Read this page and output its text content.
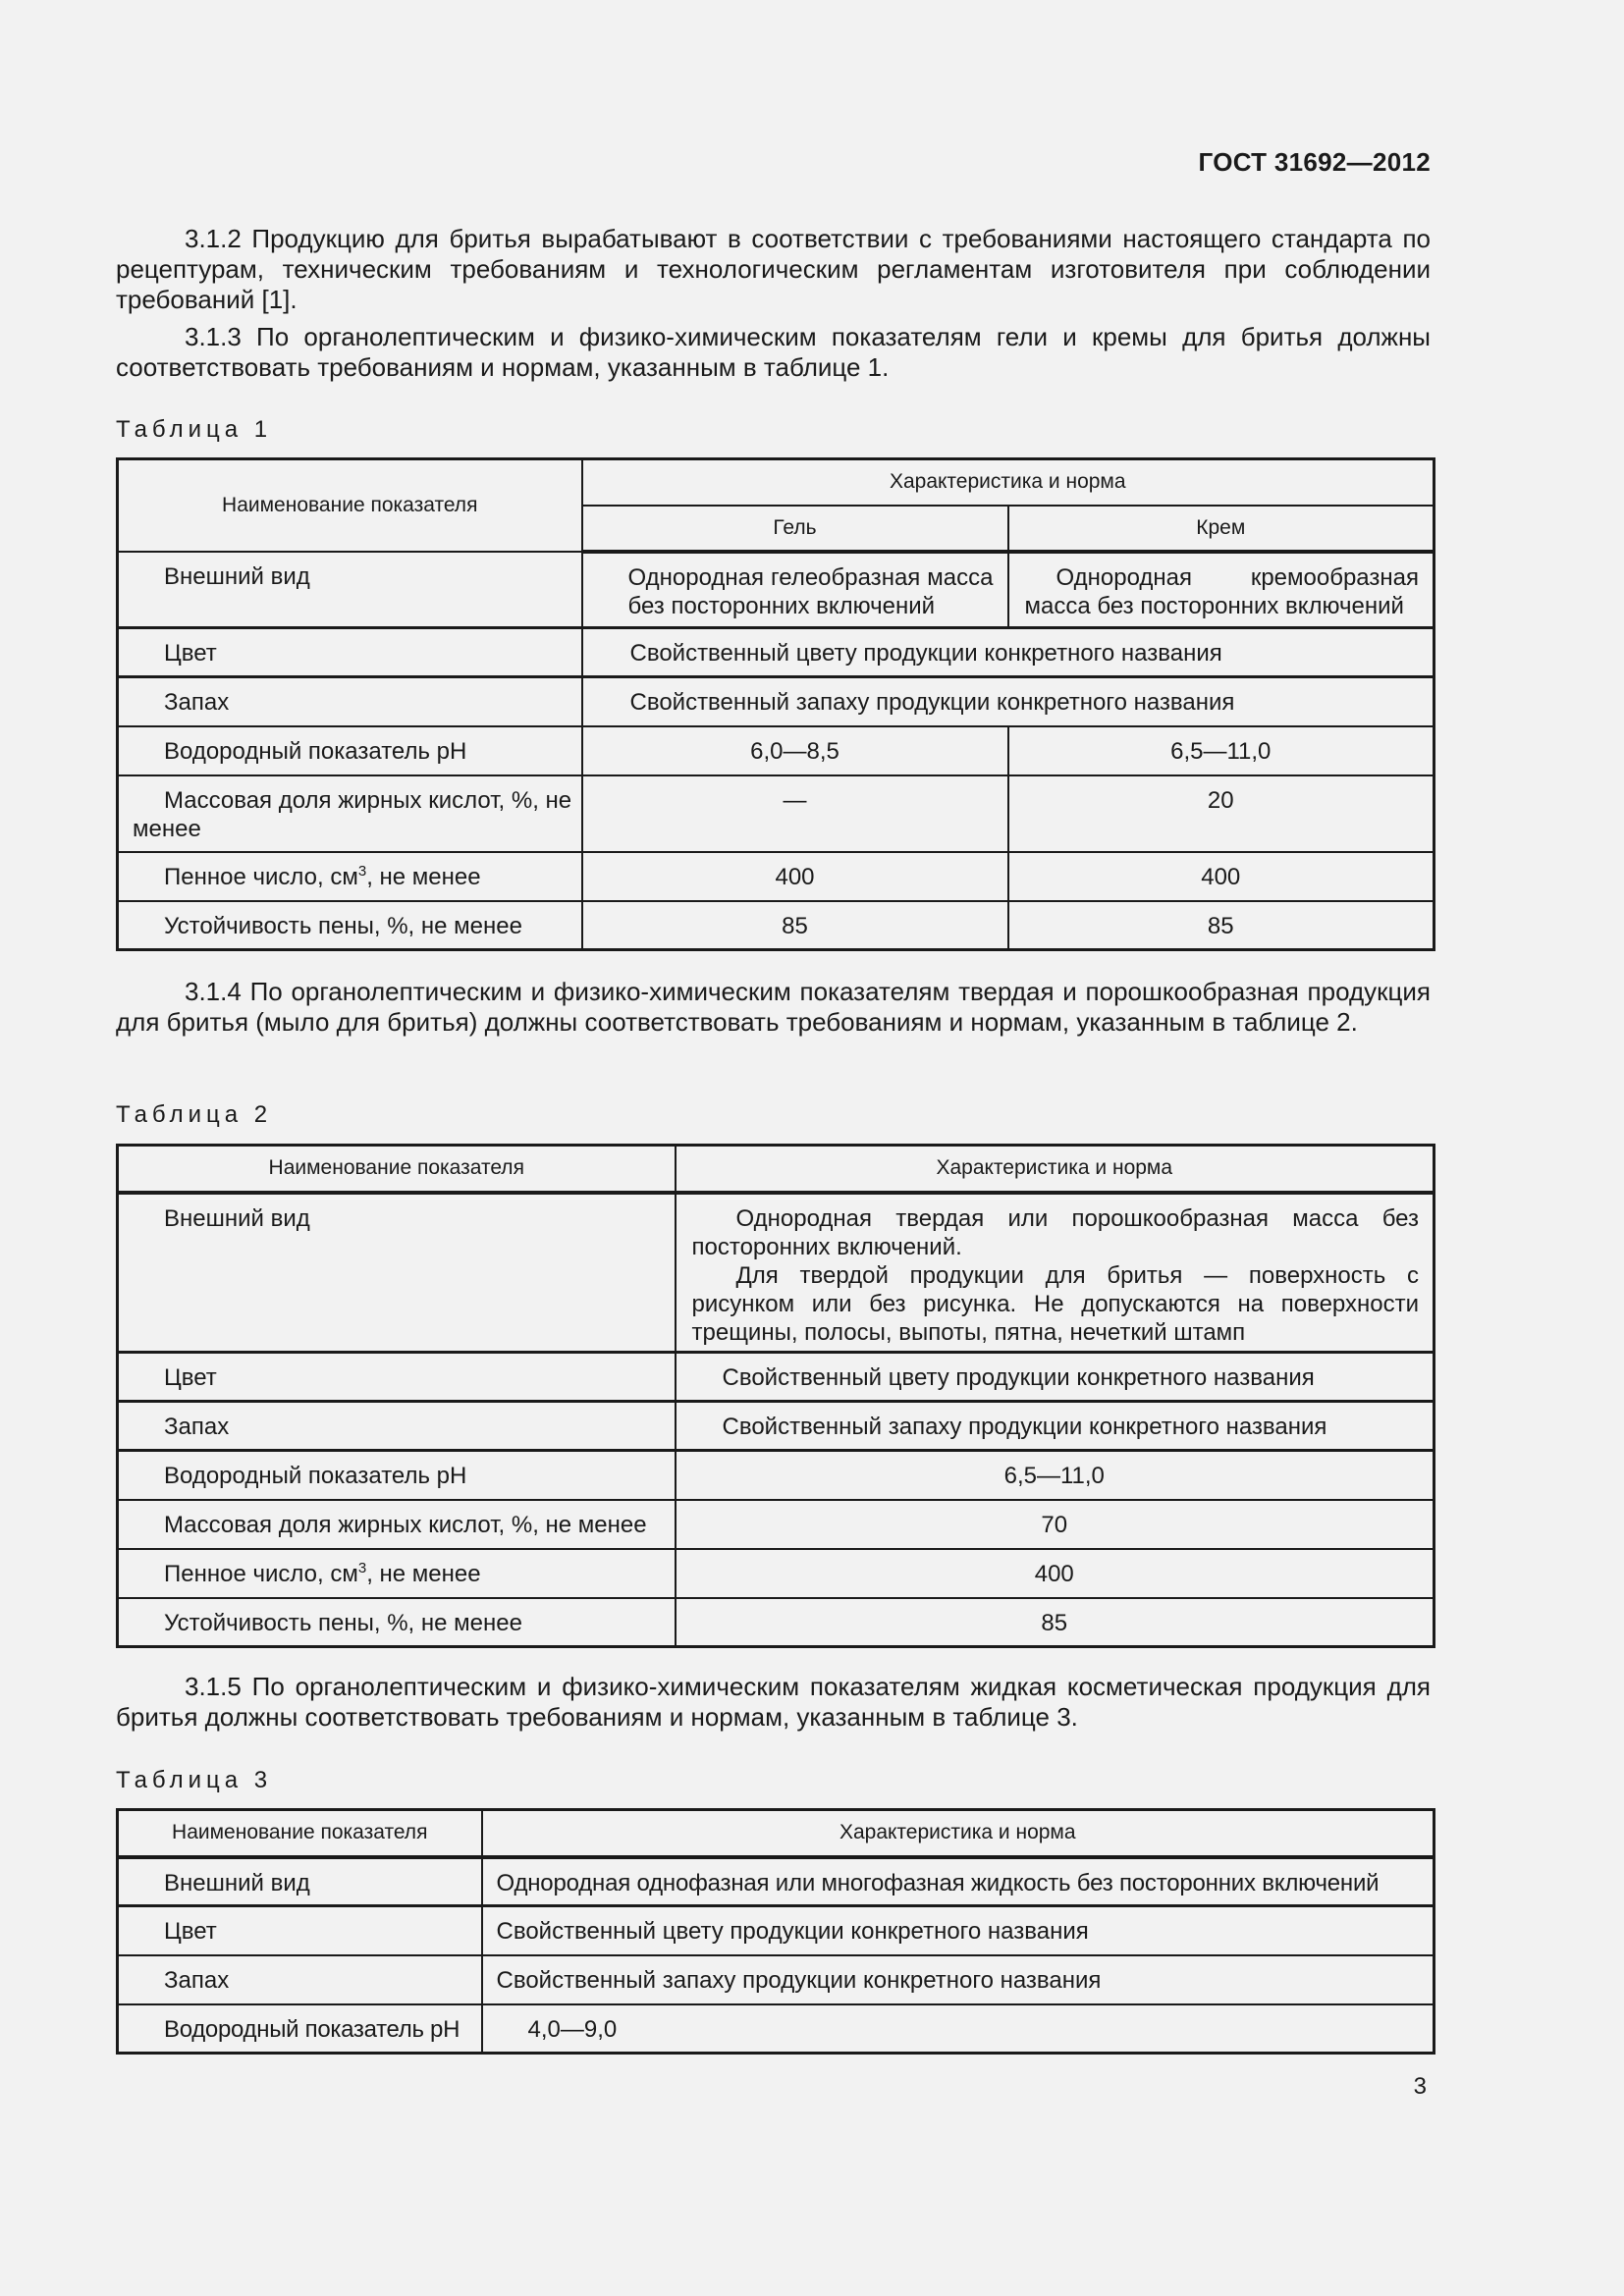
ГОСТ 31692—2012
3.1.2 Продукцию для бритья вырабатывают в соответствии с требованиями настоящего стандарта по рецептурам, техническим требованиям и технологическим регламентам изготовителя при соблюдении требований [1].
3.1.3 По органолептическим и физико-химическим показателям гели и кремы для бритья должны соответствовать требованиям и нормам, указанным в таблице 1.
Таблица 1
Наименование показателя	Характеристика и норма	
	Гель	Крем
Внешний вид	Однородная гелеобразная масса без посторонних включений	Однородная кремообразная
масса без посторонних включений

Цвет	Свойственный цвету продукции конкретного названия	
Запах	Свойственный запаху продукции конкретного названия	
Водородный показатель pH	6,0—8,5	6,5—11,0
Массовая доля жирных кислот, %, не менее	—	20
Пенное число, $см^3$, не менее	400	400
Устойчивость пены, %, не менее	85	85
3.1.4 По органолептическим и физико-химическим показателям твердая и порошкообразная продукция для бритья (мыло для бритья) должны соответствовать требованиям и нормам, указанным в таблице 2.
Таблица 2
Наименование показателя	Характеристика и норма
Внешний вид	Однородная твердая или порошкообразная масса без посторонних включений.
Для твердой продукции для бритья — поверхность с рисунком или без рисунка. Не допускаются на поверхности трещины, полосы, выпоты, пятна, нечеткий штамп

Цвет	Свойственный цвету продукции конкретного названия
Запах	Свойственный запаху продукции конкретного названия
Водородный показатель pH	6,5—11,0
Массовая доля жирных кислот, %, не менее	70
Пенное число, $см^3$, не менее	400
Устойчивость пены, %, не менее	85
3.1.5 По органолептическим и физико-химическим показателям жидкая косметическая продукция для бритья должны соответствовать требованиям и нормам, указанным в таблице 3.
Таблица 3
Наименование показателя	Характеристика и норма
Внешний вид	Однородная однофазная или многофазная жидкость без посторонних включений
Цвет	Свойственный цвету продукции конкретного названия
Запах	Свойственный запаху продукции конкретного названия
Водородный показатель pH	4,0—9,0
3
